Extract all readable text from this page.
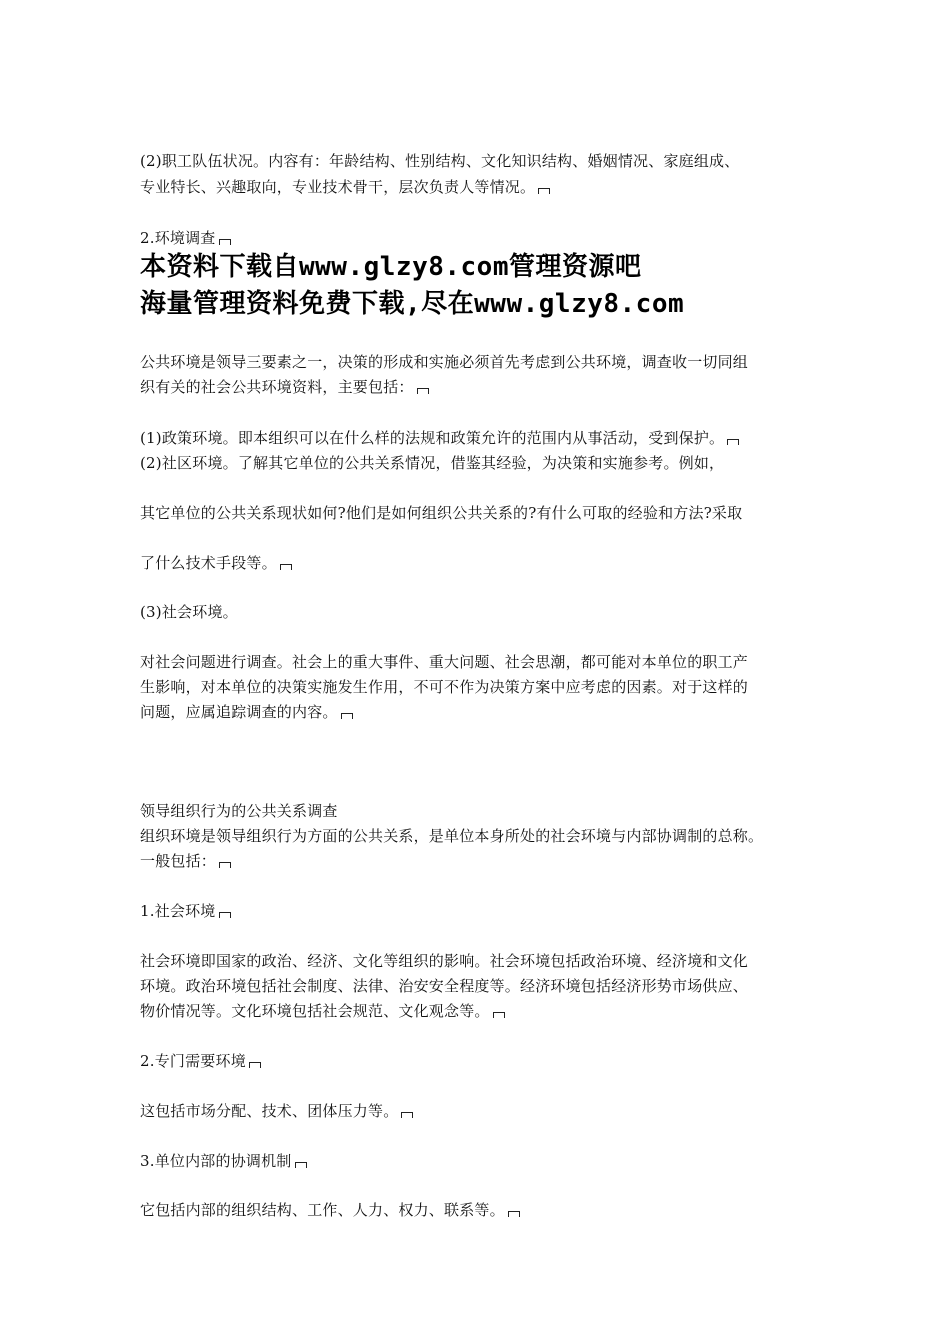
(2)职工队伍状况。内容有：年龄结构、性别结构、文化知识结构、婚姻情况、家庭组成、
专业特长、兴趣取向，专业技术骨干，层次负责人等情况。
2.环境调查
本资料下载自www.glzy8.com管理资源吧
海量管理资料免费下载,尽在www.glzy8.com
公共环境是领导三要素之一，决策的形成和实施必须首先考虑到公共环境，调查收一切同组
织有关的社会公共环境资料，主要包括：
(1)政策环境。即本组织可以在什么样的法规和政策允许的范围内从事活动，受到保护。
(2)社区环境。了解其它单位的公共关系情况，借鉴其经验，为决策和实施参考。例如，
其它单位的公共关系现状如何?他们是如何组织公共关系的?有什么可取的经验和方法?采取
了什么技术手段等。
(3)社会环境。
对社会问题进行调查。社会上的重大事件、重大问题、社会思潮，都可能对本单位的职工产
生影响，对本单位的决策实施发生作用，不可不作为决策方案中应考虑的因素。对于这样的
问题，应属追踪调查的内容。
领导组织行为的公共关系调查
组织环境是领导组织行为方面的公共关系，是单位本身所处的社会环境与内部协调制的总称。
一般包括：
1.社会环境
社会环境即国家的政治、经济、文化等组织的影响。社会环境包括政治环境、经济境和文化
环境。政治环境包括社会制度、法律、治安安全程度等。经济环境包括经济形势市场供应、
物价情况等。文化环境包括社会规范、文化观念等。
2.专门需要环境
这包括市场分配、技术、团体压力等。
3.单位内部的协调机制
它包括内部的组织结构、工作、人力、权力、联系等。
